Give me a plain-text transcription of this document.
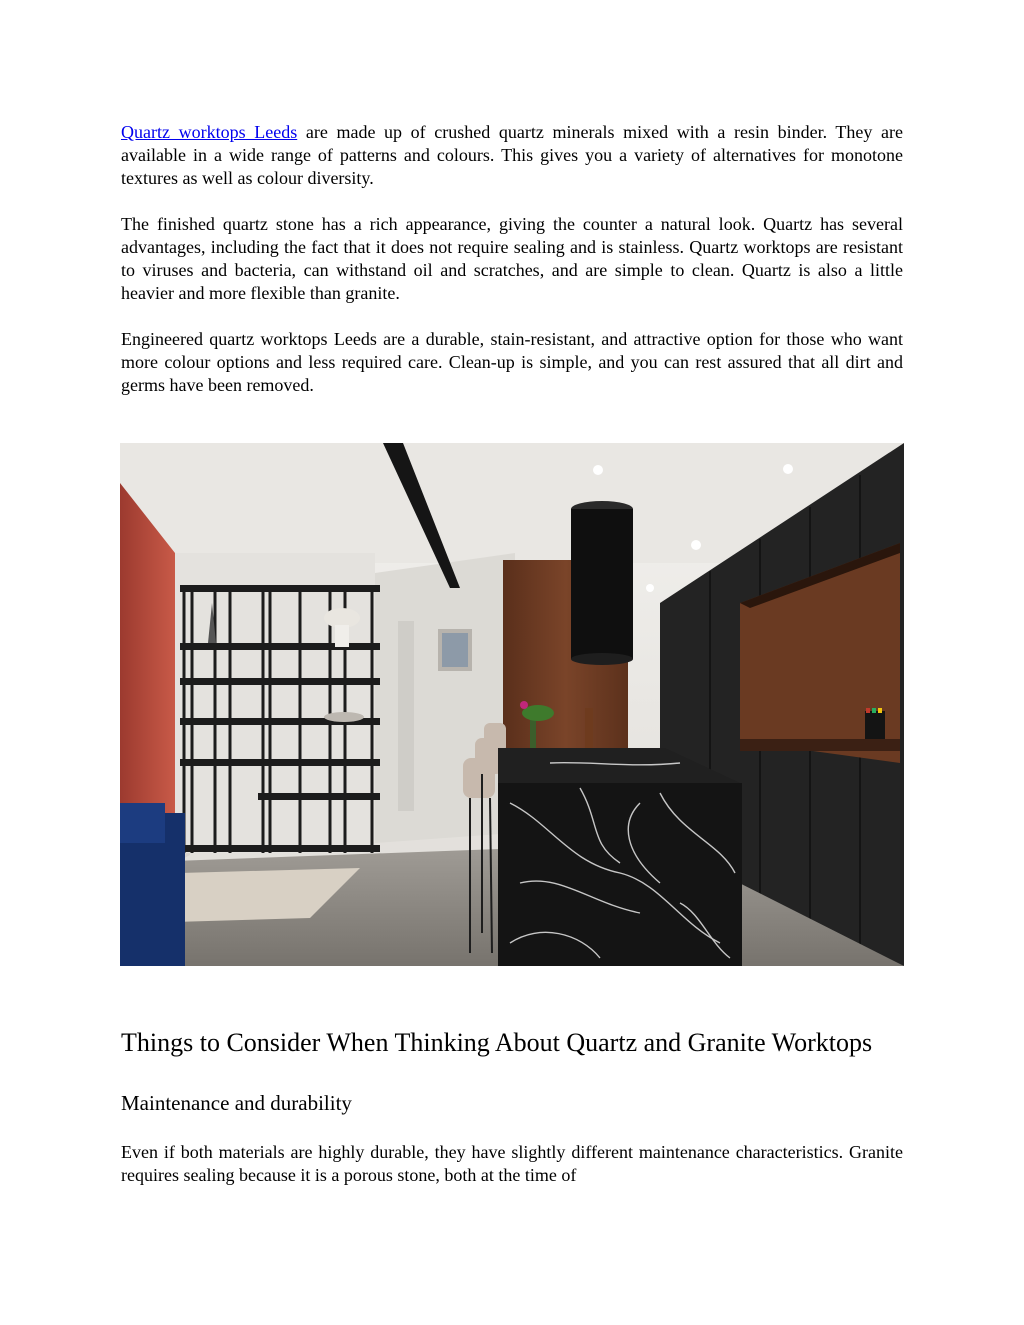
Quartz worktops Leeds are made up of crushed quartz minerals mixed with a resin binder. They are available in a wide range of patterns and colours. This gives you a variety of alternatives for monotone textures as well as colour diversity.

The finished quartz stone has a rich appearance, giving the counter a natural look. Quartz has several advantages, including the fact that it does not require sealing and is stainless. Quartz worktops are resistant to viruses and bacteria, can withstand oil and scratches, and are simple to clean. Quartz is also a little heavier and more flexible than granite.

Engineered quartz worktops Leeds are a durable, stain-resistant, and attractive option for those who want more colour options and less required care. Clean-up is simple, and you can rest assured that all dirt and germs have been removed.

Things to Consider When Thinking About Quartz and Granite Worktops
Maintenance and durability

Even if both materials are highly durable, they have slightly different maintenance characteristics. Granite requires sealing because it is a porous stone, both at the time of
